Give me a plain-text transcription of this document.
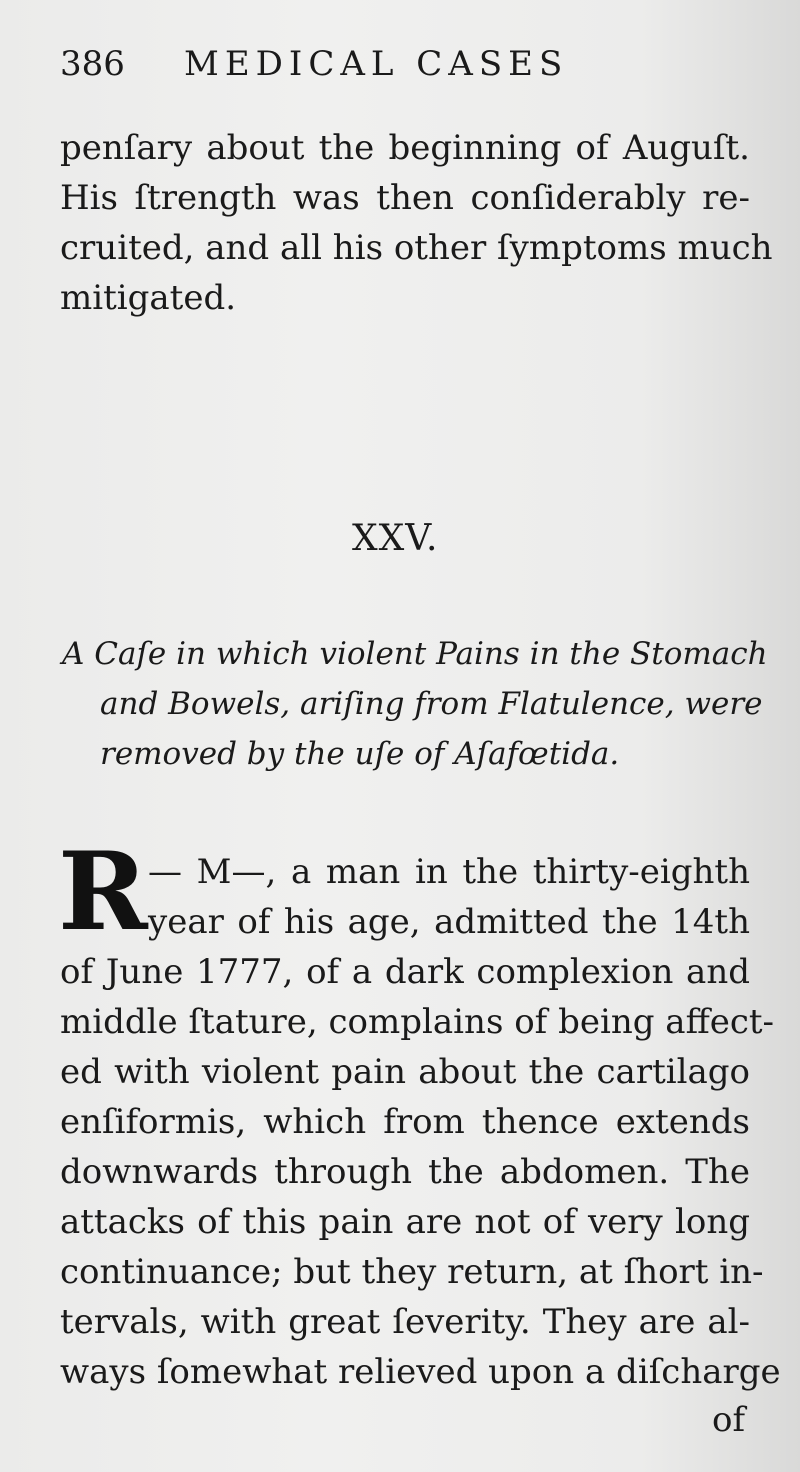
386 MEDICAL CASES
penſary about the beginning of Auguſt.
His ſtrength was then conſiderably re-
cruited, and all his other ſymptoms much
mitigated.
XXV.
A Caſe in which violent Pains in the Stomach
and Bowels, ariſing from Flatulence, were
removed by the uſe of Aſafœtida.
R — M—, a man in the thirty-eighth
year of his age, admitted the 14th
of June 1777, of a dark complexion and
middle ſtature, complains of being affect-
ed with violent pain about the cartilago
enſiformis, which from thence extends
downwards through the abdomen. The
attacks of this pain are not of very long
continuance; but they return, at ſhort in-
tervals, with great ſeverity. They are al-
ways ſomewhat relieved upon a diſcharge
of
